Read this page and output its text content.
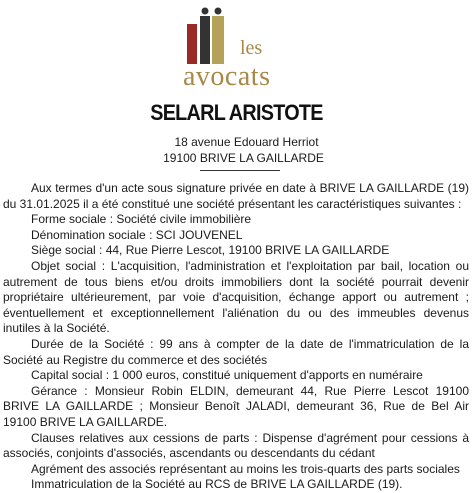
les
avocats
SELARL ARISTOTE
18 avenue Edouard Herriot
19100 BRIVE LA GAILLARDE

Aux termes d'un acte sous signature privée en date à BRIVE LA GAILLARDE (19) du 31.01.2025 il a été constitué une société présentant les caractéristiques suivantes :

Forme sociale : Société civile immobilière

Dénomination sociale : SCI JOUVENEL

Siège social : 44, Rue Pierre Lescot, 19100 BRIVE LA GAILLARDE

Objet social : L'acquisition, l'administration et l'exploitation par bail, location ou autrement de tous biens et/ou droits immobiliers dont la société pourrait devenir propriétaire ultérieurement, par voie d'acquisition, échange apport ou autrement ; éventuellement et exceptionnellement l'aliénation du ou des immeubles devenus inutiles à la Société.

Durée de la Société : 99 ans à compter de la date de l'immatriculation de la Société au Registre du commerce et des sociétés

Capital social : 1 000 euros, constitué uniquement d'apports en numéraire

Gérance : Monsieur Robin ELDIN, demeurant 44, Rue Pierre Lescot 19100 BRIVE LA GAILLARDE ; Monsieur Benoît JALADI, demeurant 36, Rue de Bel Air 19100 BRIVE LA GAILLARDE.

Clauses relatives aux cessions de parts : Dispense d'agrément pour cessions à associés, conjoints d'associés, ascendants ou descendants du cédant

Agrément des associés représentant au moins les trois-quarts des parts sociales

Immatriculation de la Société au RCS de BRIVE LA GAILLARDE (19).
